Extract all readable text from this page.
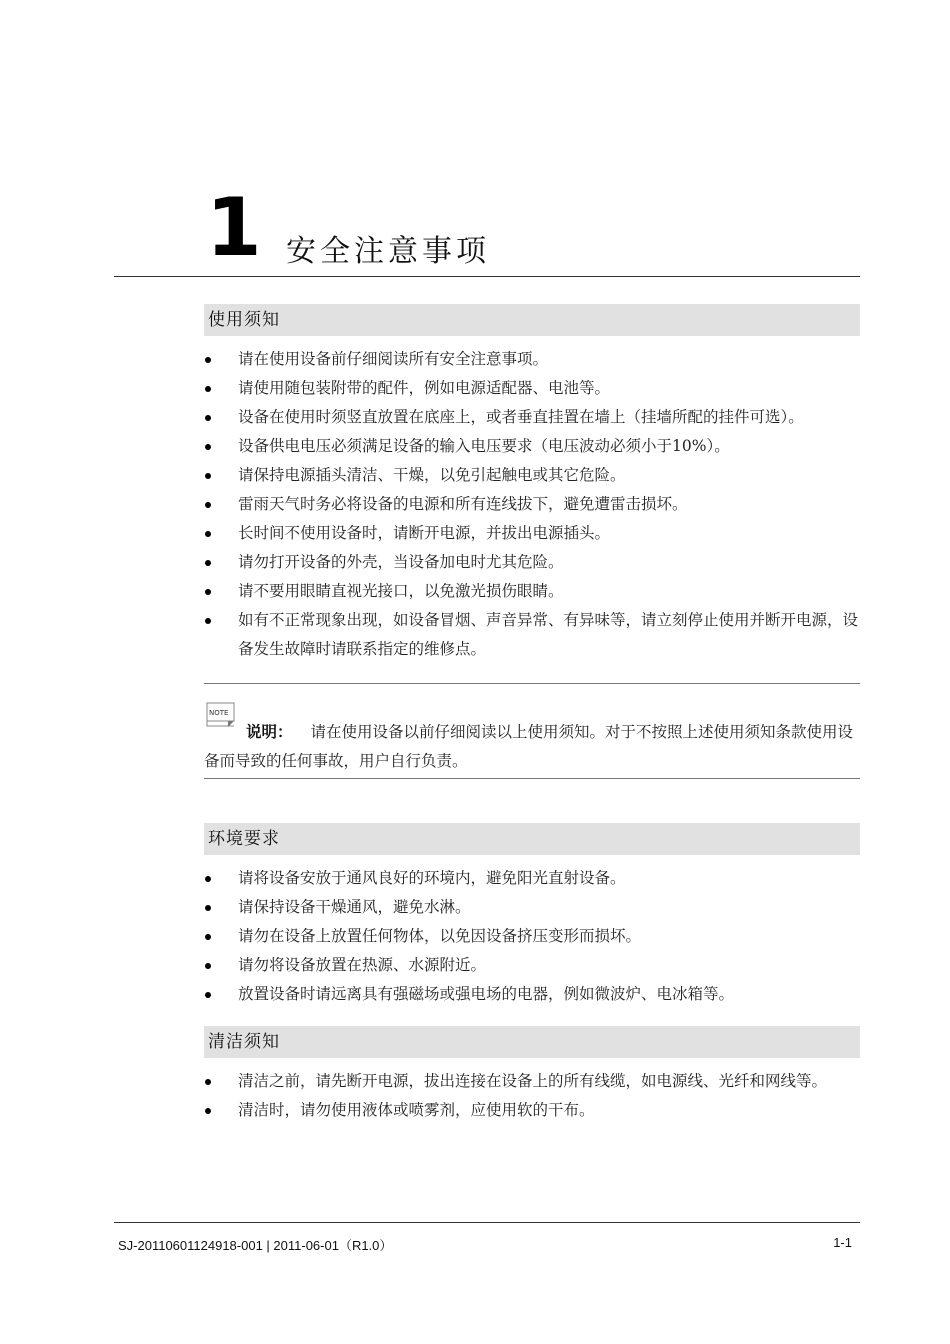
1 安全注意事项
使用须知
请在使用设备前仔细阅读所有安全注意事项。
请使用随包装附带的配件，例如电源适配器、电池等。
设备在使用时须竖直放置在底座上，或者垂直挂置在墙上（挂墙所配的挂件可选）。
设备供电电压必须满足设备的输入电压要求（电压波动必须小于10%）。
请保持电源插头清洁、干燥，以免引起触电或其它危险。
雷雨天气时务必将设备的电源和所有连线拔下，避免遭雷击损坏。
长时间不使用设备时，请断开电源，并拔出电源插头。
请勿打开设备的外壳，当设备加电时尤其危险。
请不要用眼睛直视光接口，以免激光损伤眼睛。
如有不正常现象出现，如设备冒烟、声音异常、有异味等，请立刻停止使用并断开电源，设备发生故障时请联系指定的维修点。
NOTE
说明： 请在使用设备以前仔细阅读以上使用须知。对于不按照上述使用须知条款使用设备而导致的任何事故，用户自行负责。
环境要求
请将设备安放于通风良好的环境内，避免阳光直射设备。
请保持设备干燥通风，避免水淋。
请勿在设备上放置任何物体，以免因设备挤压变形而损坏。
请勿将设备放置在热源、水源附近。
放置设备时请远离具有强磁场或强电场的电器，例如微波炉、电冰箱等。
清洁须知
清洁之前，请先断开电源，拔出连接在设备上的所有线缆，如电源线、光纤和网线等。
清洁时，请勿使用液体或喷雾剂，应使用软的干布。
SJ-20110601124918-001 | 2011-06-01（R1.0）	1-1
